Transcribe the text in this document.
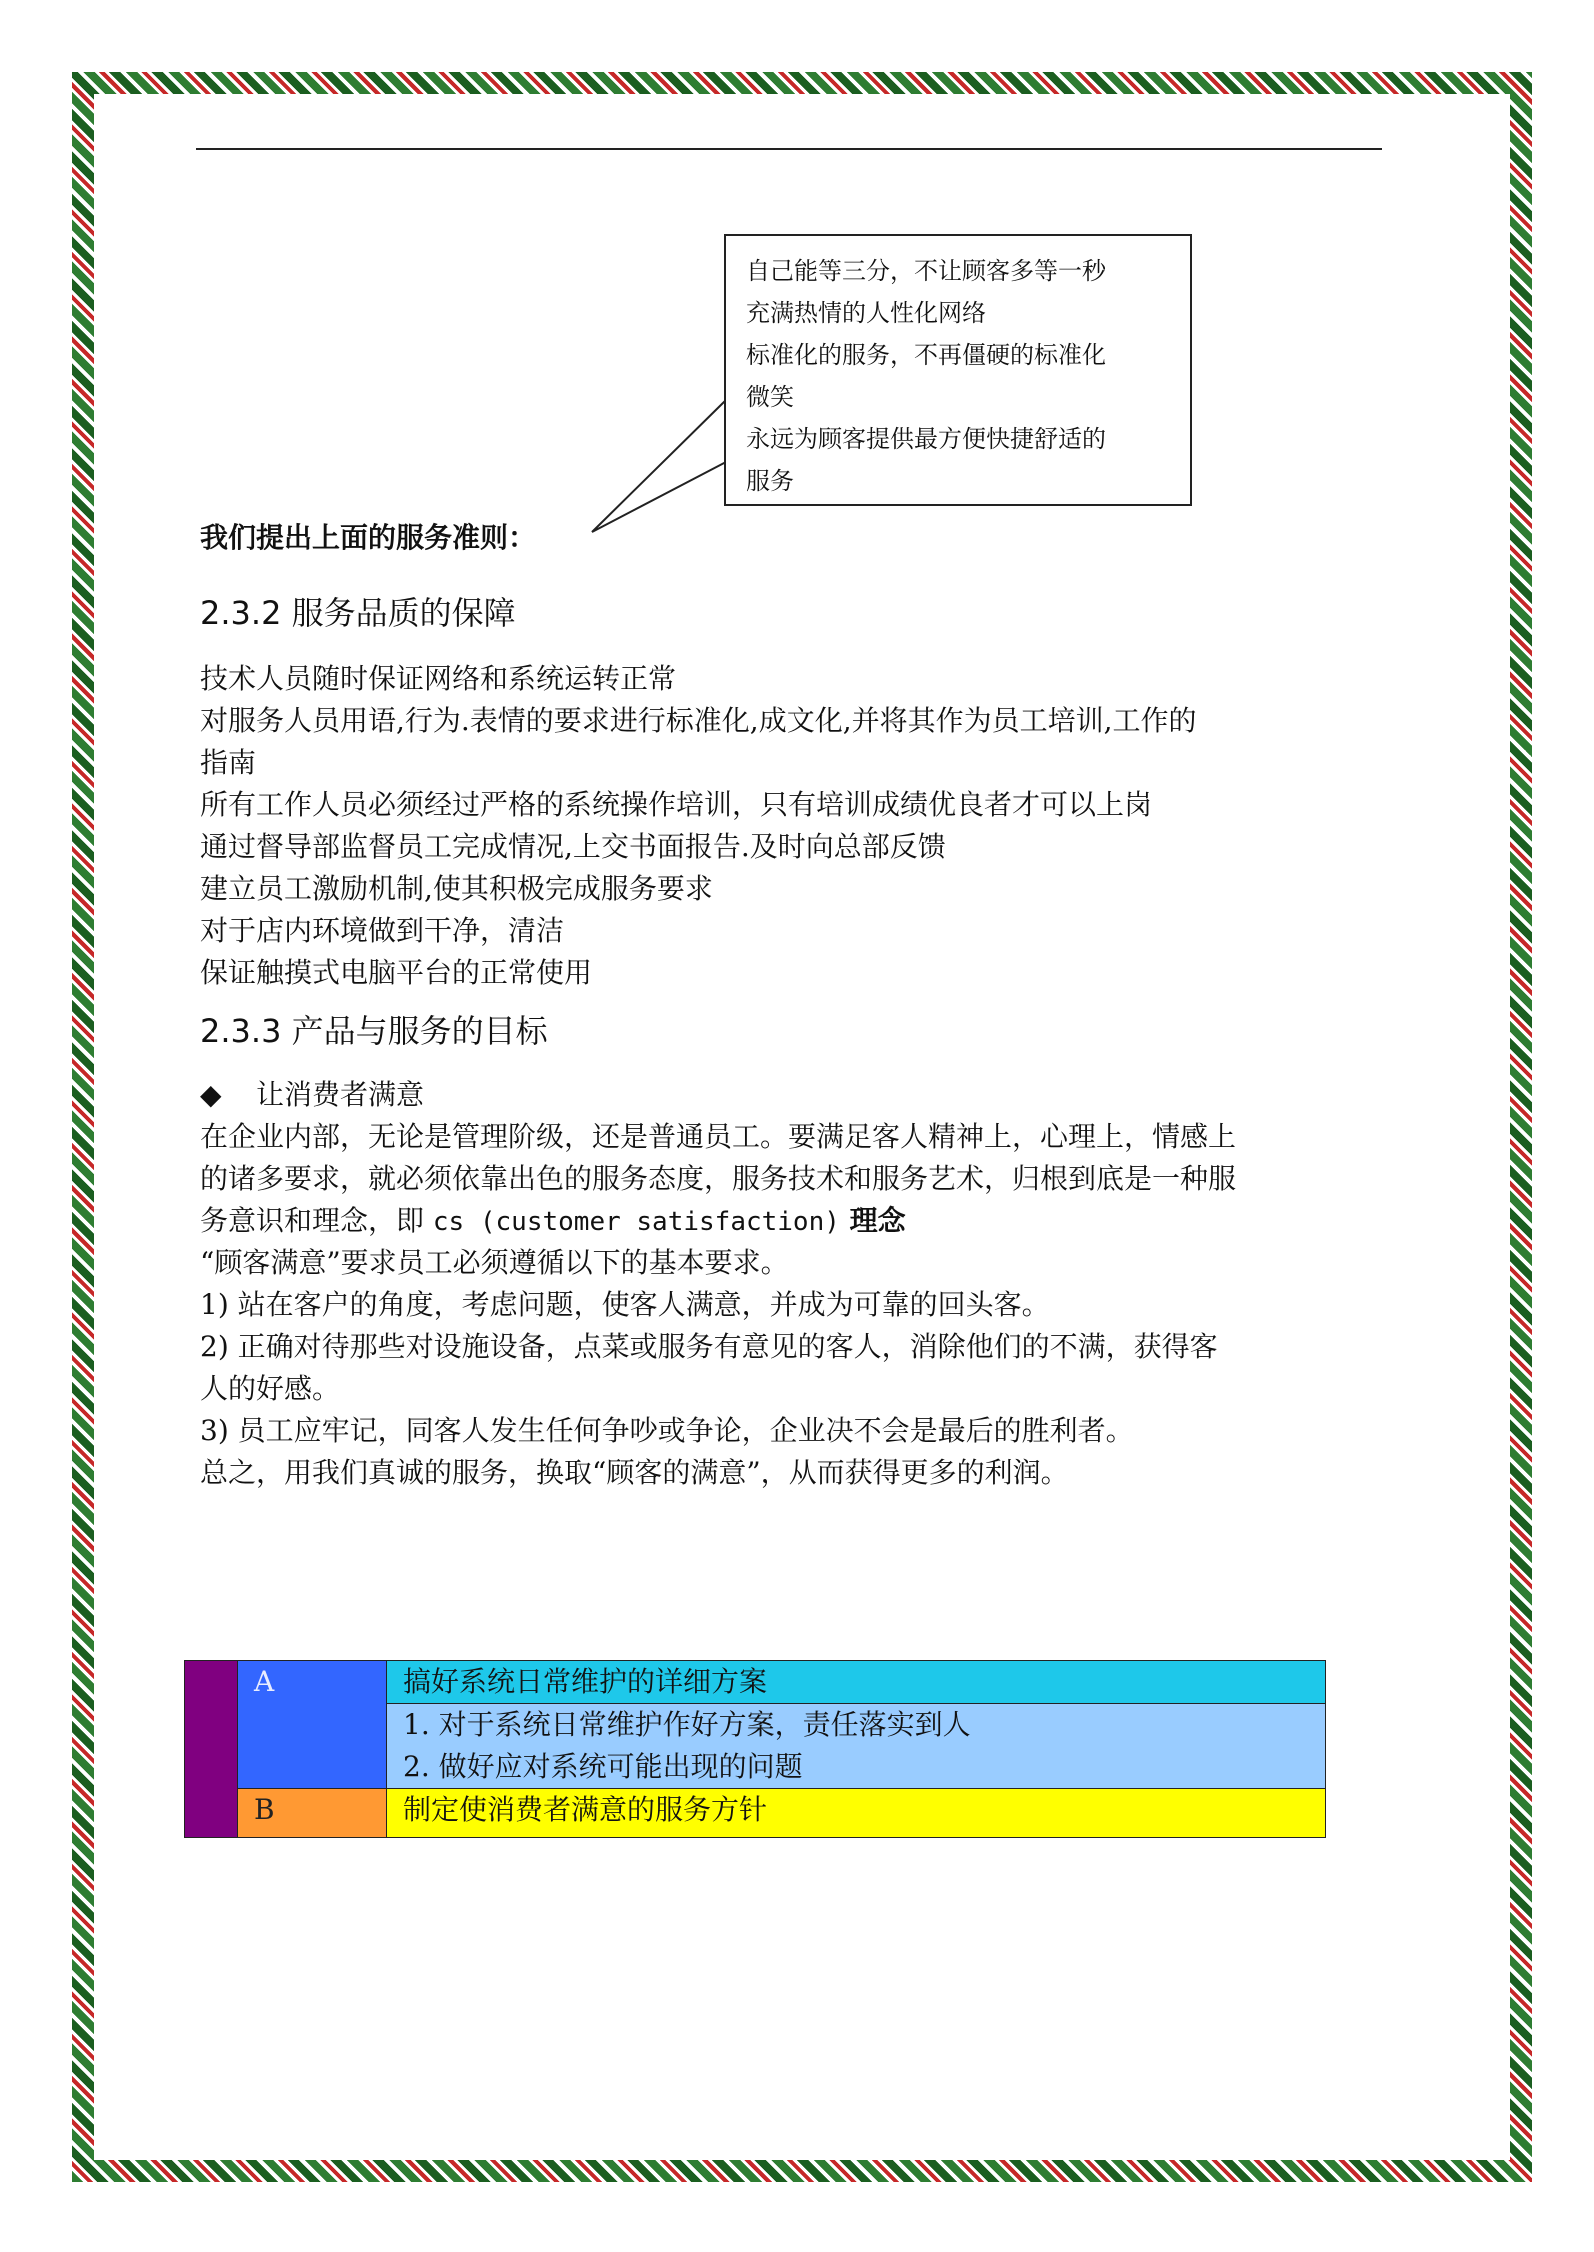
自己能等三分，不让顾客多等一秒
充满热情的人性化网络
标准化的服务，不再僵硬的标准化
微笑
永远为顾客提供最方便快捷舒适的
服务
我们提出上面的服务准则：
2.3.2 服务品质的保障
技术人员随时保证网络和系统运转正常
对服务人员用语,行为.表情的要求进行标准化,成文化,并将其作为员工培训,工作的
指南
所有工作人员必须经过严格的系统操作培训，只有培训成绩优良者才可以上岗
通过督导部监督员工完成情况,上交书面报告.及时向总部反馈
建立员工激励机制,使其积极完成服务要求
对于店内环境做到干净，清洁
保证触摸式电脑平台的正常使用
2.3.3 产品与服务的目标
◆ 让消费者满意
在企业内部，无论是管理阶级，还是普通员工。要满足客人精神上，心理上，情感上
的诸多要求，就必须依靠出色的服务态度，服务技术和服务艺术，归根到底是一种服
务意识和理念，即 cs (customer satisfaction) 理念
“顾客满意”要求员工必须遵循以下的基本要求。
1) 站在客户的角度，考虑问题，使客人满意，并成为可靠的回头客。
2) 正确对待那些对设施设备，点菜或服务有意见的客人，消除他们的不满，获得客
人的好感。
3) 员工应牢记，同客人发生任何争吵或争论，企业决不会是最后的胜利者。
总之，用我们真诚的服务，换取“顾客的满意”，从而获得更多的利润。
	A	搞好系统日常维护的详细方案

		1. 对于系统日常维护作好方案，责任落实到人
2. 做好应对系统可能出现的问题

	B	制定使消费者满意的服务方针
